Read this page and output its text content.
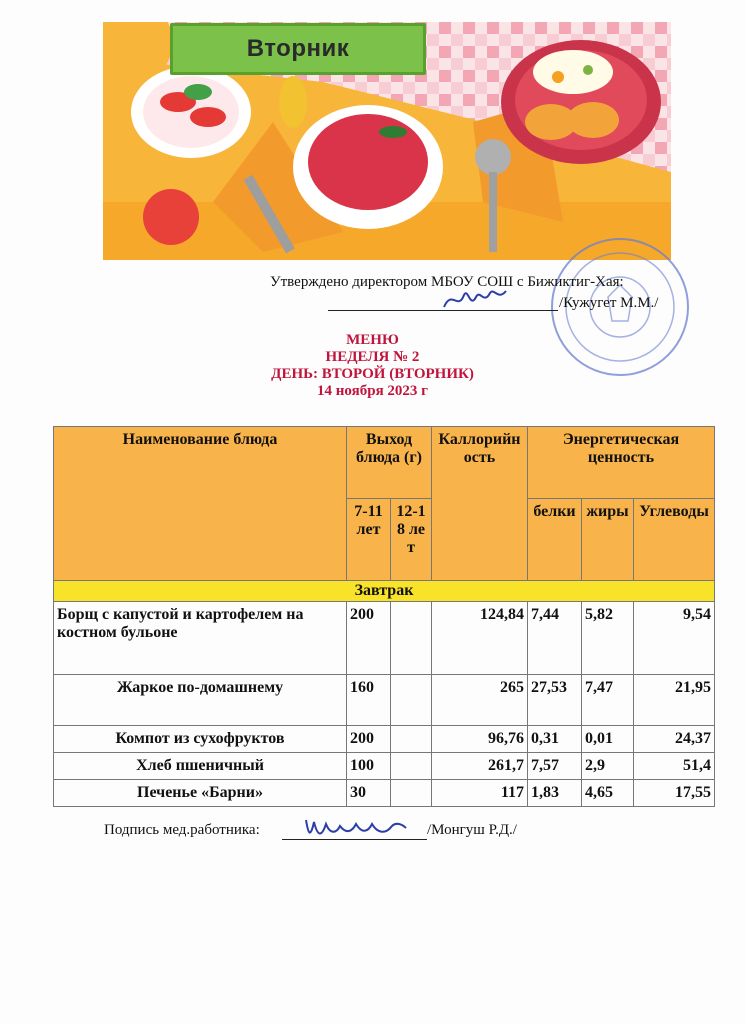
Вторник
Утверждено директором МБОУ СОШ с Бижиктиг-Хая:
/Кужугет М.М./
МЕНЮ
НЕДЕЛЯ № 2
ДЕНЬ: ВТОРОЙ (ВТОРНИК)
14 ноября 2023 г
Наименование блюда	Выход блюда (г)		Каллорийность	Энергетическая ценность		
	7-11 лет	12-18 лет		белки	жиры	Углеводы
Завтрак						
Борщ с капустой и картофелем на костном бульоне	200		124,84	7,44	5,82	9,54
Жаркое по-домашнему	160		265	27,53	7,47	21,95
Компот из сухофруктов	200		96,76	0,31	0,01	24,37
Хлеб пшеничный	100		261,7	7,57	2,9	51,4
Печенье «Барни»	30		117	1,83	4,65	17,55
Подпись мед.работника:	/Монгуш Р.Д./
